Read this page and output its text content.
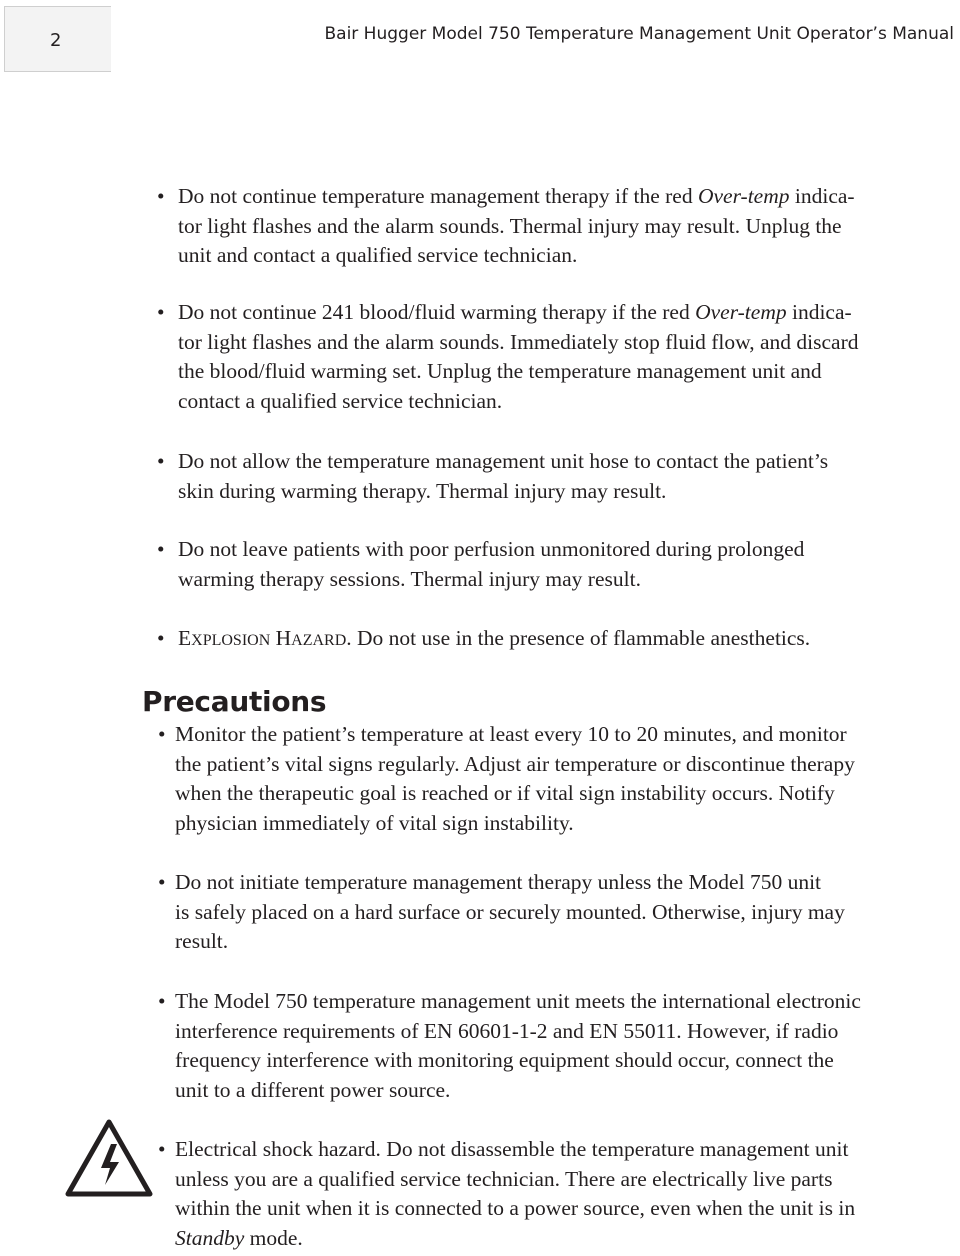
2	Bair Hugger Model 750 Temperature Management Unit Operator’s Manual
• Do not continue temperature management therapy if the red Over-temp indica-
tor light flashes and the alarm sounds. Thermal injury may result. Unplug the
unit and contact a qualified service technician.
• Do not continue 241 blood/fluid warming therapy if the red Over-temp indica-
tor light flashes and the alarm sounds. Immediately stop fluid flow, and discard
the blood/fluid warming set. Unplug the temperature management unit and
contact a qualified service technician.
• Do not allow the temperature management unit hose to contact the patient’s
skin during warming therapy. Thermal injury may result.
• Do not leave patients with poor perfusion unmonitored during prolonged
warming therapy sessions. Thermal injury may result.
• EXPLOSION HAZARD. Do not use in the presence of flammable anesthetics.
Precautions
• Monitor the patient’s temperature at least every 10 to 20 minutes, and monitor
the patient’s vital signs regularly. Adjust air temperature or discontinue therapy
when the therapeutic goal is reached or if vital sign instability occurs. Notify
physician immediately of vital sign instability.
• Do not initiate temperature management therapy unless the Model 750 unit
is safely placed on a hard surface or securely mounted. Otherwise, injury may
result.
• The Model 750 temperature management unit meets the international electronic
interference requirements of EN 60601-1-2 and EN 55011. However, if radio
frequency interference with monitoring equipment should occur, connect the
unit to a different power source.
• Electrical shock hazard. Do not disassemble the temperature management unit
unless you are a qualified service technician. There are electrically live parts
within the unit when it is connected to a power source, even when the unit is in
Standby mode.
